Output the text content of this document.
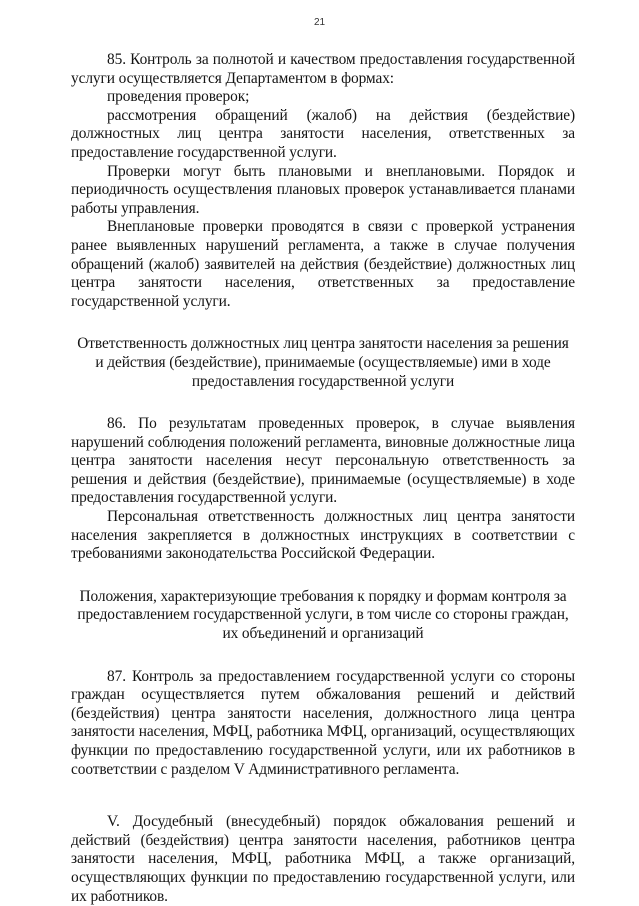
21

85. Контроль за полнотой и качеством предоставления государственной услуги осуществляется Департаментом в формах:

проведения проверок;

рассмотрения обращений (жалоб) на действия (бездействие) должностных лиц центра занятости населения, ответственных за предоставление государственной услуги.

Проверки могут быть плановыми и внеплановыми. Порядок и периодичность осуществления плановых проверок устанавливается планами работы управления.

Внеплановые проверки проводятся в связи с проверкой устранения ранее выявленных нарушений регламента, а также в случае получения обращений (жалоб) заявителей на действия (бездействие) должностных лиц центра занятости населения, ответственных за предоставление государственной услуги.

Ответственность должностных лиц центра занятости населения за решения и действия (бездействие), принимаемые (осуществляемые) ими в ходе предоставления государственной услуги

86. По результатам проведенных проверок, в случае выявления нарушений соблюдения положений регламента, виновные должностные лица центра занятости населения несут персональную ответственность за решения и действия (бездействие), принимаемые (осуществляемые) в ходе предоставления государственной услуги.

Персональная ответственность должностных лиц центра занятости населения закрепляется в должностных инструкциях в соответствии с требованиями законодательства Российской Федерации.

Положения, характеризующие требования к порядку и формам контроля за предоставлением государственной услуги, в том числе со стороны граждан, их объединений и организаций

87. Контроль за предоставлением государственной услуги со стороны граждан осуществляется путем обжалования решений и действий (бездействия) центра занятости населения, должностного лица центра занятости населения, МФЦ, работника МФЦ, организаций, осуществляющих функции по предоставлению государственной услуги, или их работников в соответствии с разделом V Административного регламента.

V. Досудебный (внесудебный) порядок обжалования решений и действий (бездействия) центра занятости населения, работников центра занятости населения, МФЦ, работника МФЦ, а также организаций, осуществляющих функции по предоставлению государственной услуги, или их работников.
